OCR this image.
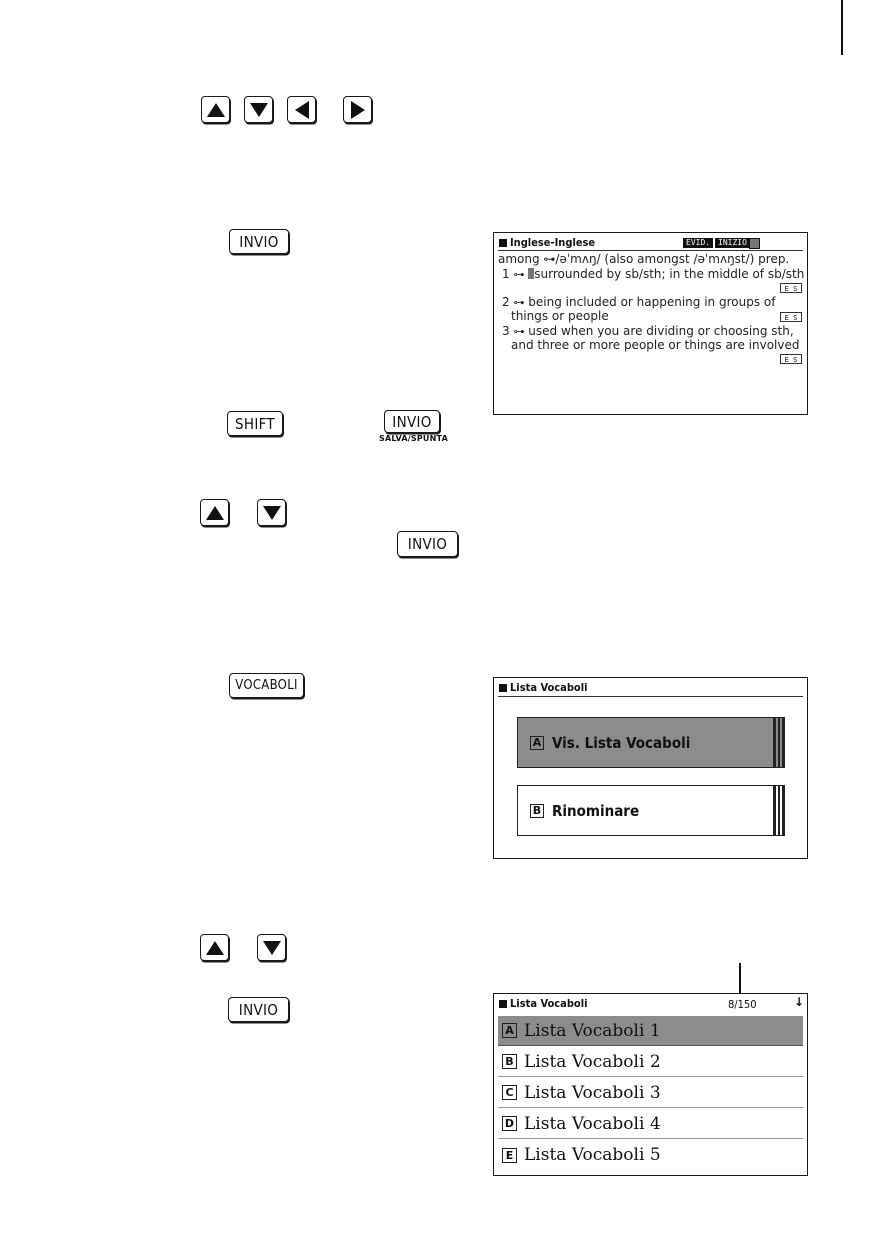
INVIO	Inglese-Inglese	EVID. INIZIO
among ⊶/əˈmʌŋ/ (also amongst /əˈmʌŋst/) prep.
1 ⊶ surrounded by sb/sth; in the middle of sb/sth
E S
2 ⊶ being included or happening in groups of
things or people	E S
3 ⊶ used when you are dividing or choosing sth,
and three or more people or things are involved
E S
SHIFT	INVIO
SALVA/SPUNTA
INVIO
VOCABOLI	Lista Vocaboli
A Vis. Lista Vocaboli
B Rinominare
INVIO	Lista Vocaboli	8/150	↓
A Lista Vocaboli 1
B Lista Vocaboli 2
C Lista Vocaboli 3
D Lista Vocaboli 4
E Lista Vocaboli 5
